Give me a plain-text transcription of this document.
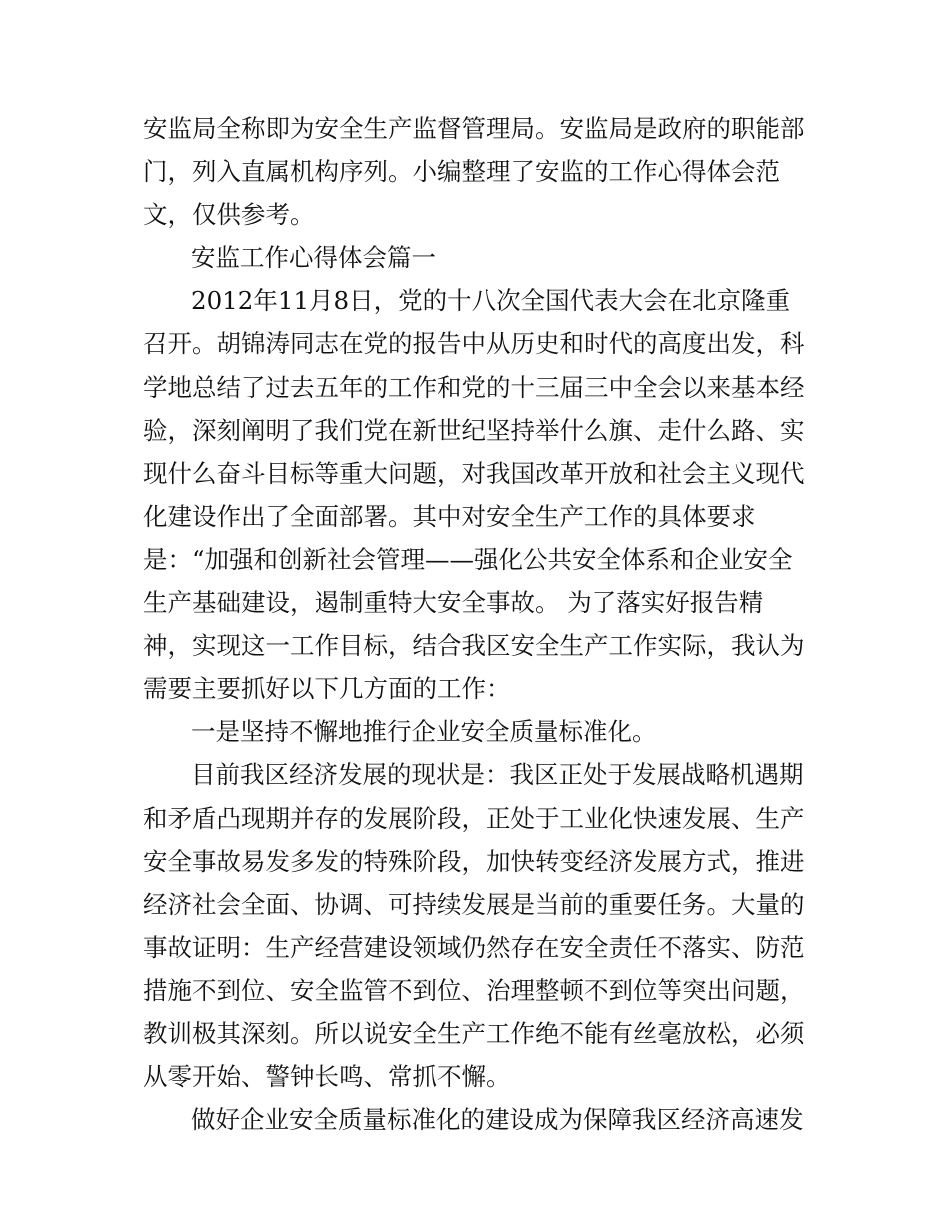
安监局全称即为安全生产监督管理局。安监局是政府的职能部
门，列入直属机构序列。小编整理了安监的工作心得体会范
文，仅供参考。
安监工作心得体会篇一
2012年11月8日，党的十八次全国代表大会在北京隆重
召开。胡锦涛同志在党的报告中从历史和时代的高度出发，科
学地总结了过去五年的工作和党的十三届三中全会以来基本经
验，深刻阐明了我们党在新世纪坚持举什么旗、走什么路、实
现什么奋斗目标等重大问题，对我国改革开放和社会主义现代
化建设作出了全面部署。其中对安全生产工作的具体要求
是：“加强和创新社会管理——强化公共安全体系和企业安全
生产基础建设，遏制重特大安全事故。 为了落实好报告精
神，实现这一工作目标，结合我区安全生产工作实际，我认为
需要主要抓好以下几方面的工作：
一是坚持不懈地推行企业安全质量标准化。
目前我区经济发展的现状是：我区正处于发展战略机遇期
和矛盾凸现期并存的发展阶段，正处于工业化快速发展、生产
安全事故易发多发的特殊阶段，加快转变经济发展方式，推进
经济社会全面、协调、可持续发展是当前的重要任务。大量的
事故证明：生产经营建设领域仍然存在安全责任不落实、防范
措施不到位、安全监管不到位、治理整顿不到位等突出问题，
教训极其深刻。所以说安全生产工作绝不能有丝毫放松，必须
从零开始、警钟长鸣、常抓不懈。
做好企业安全质量标准化的建设成为保障我区经济高速发
